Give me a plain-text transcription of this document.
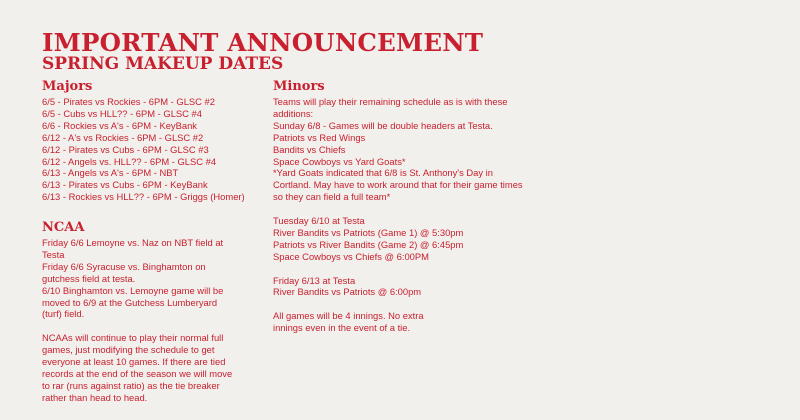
IMPORTANT ANNOUNCEMENT
SPRING MAKEUP DATES
Majors
6/5 - Pirates vs Rockies - 6PM - GLSC #2
6/5 - Cubs vs HLL?? - 6PM - GLSC #4
6/6 - Rockies vs A's - 6PM - KeyBank
6/12 - A's vs Rockies - 6PM - GLSC #2
6/12 - Pirates vs Cubs - 6PM - GLSC #3
6/12 - Angels vs. HLL?? - 6PM - GLSC #4
6/13 - Angels vs A's - 6PM - NBT
6/13 - Pirates vs Cubs - 6PM - KeyBank
6/13 - Rockies vs HLL?? - 6PM - Griggs (Homer)
NCAA
Friday 6/6 Lemoyne vs. Naz on NBT field at
Testa
Friday 6/6 Syracuse vs. Binghamton on
gutchess field at testa.
6/10 Binghamton vs. Lemoyne game will be
moved to 6/9 at the Gutchess Lumberyard
(turf) field.
NCAAs will continue to play their normal full
games, just modifying the schedule to get
everyone at least 10 games. If there are tied
records at the end of the season we will move
to rar (runs against ratio) as the tie breaker
rather than head to head.
Minors
Teams will play their remaining schedule as is with these
additions:
Sunday 6/8 - Games will be double headers at Testa.
Patriots vs Red Wings
Bandits vs Chiefs
Space Cowboys vs Yard Goats*
*Yard Goats indicated that 6/8 is St. Anthony's Day in
Cortland. May have to work around that for their game times
so they can field a full team*
Tuesday 6/10 at Testa
River Bandits vs Patriots (Game 1) @ 5:30pm
Patriots vs River Bandits (Game 2) @ 6:45pm
Space Cowboys vs Chiefs @ 6:00PM
Friday 6/13 at Testa
River Bandits vs Patriots @ 6:00pm
All games will be 4 innings. No extra
innings even in the event of a tie.
